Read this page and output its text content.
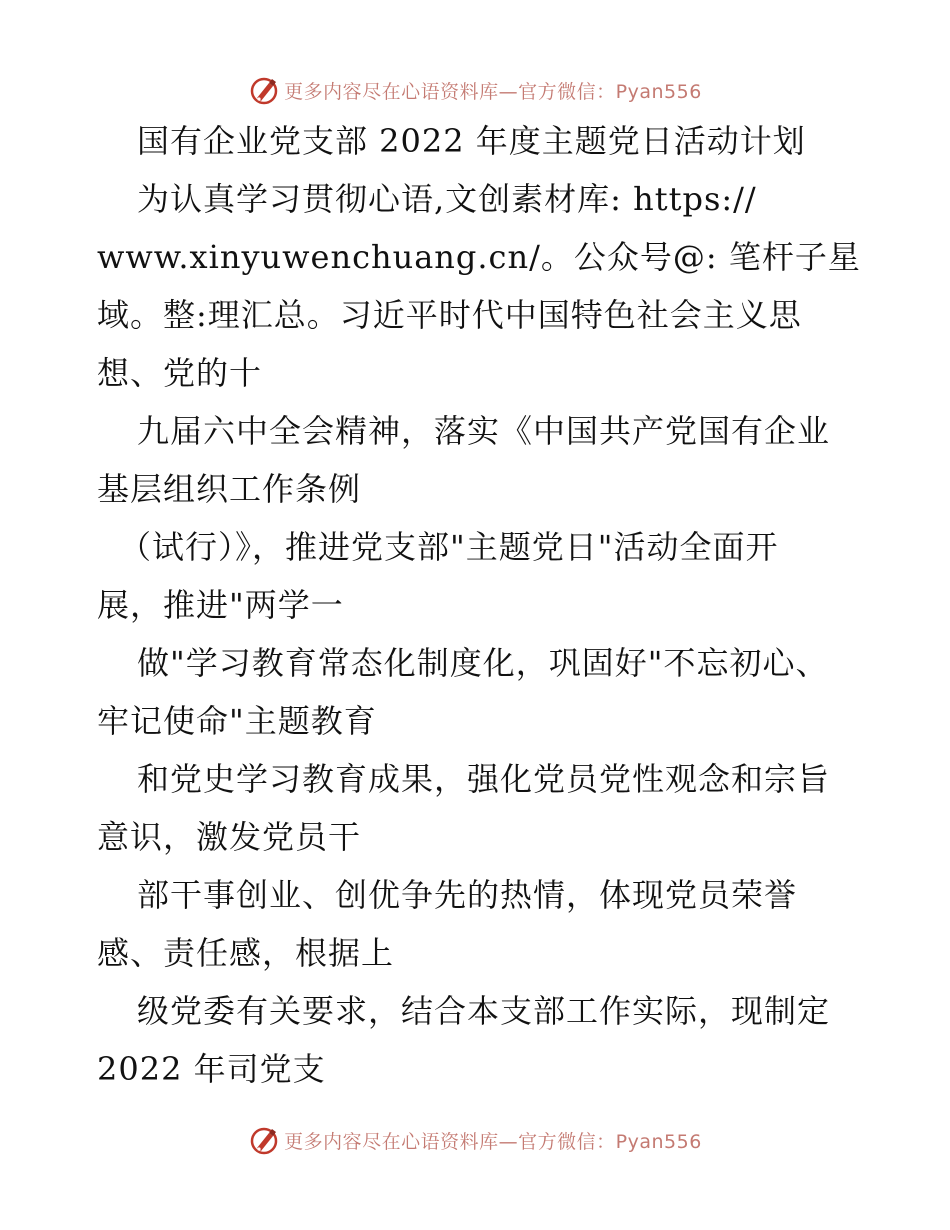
更多内容尽在心语资料库—官方微信：Pyan556
国有企业党支部 2022 年度主题党日活动计划
为认真学习贯彻心语,文创素材库: https://
www.xinyuwenchuang.cn/。公众号@: 笔杆子星
域。整:理汇总。习近平时代中国特色社会主义思
想、党的十
九届六中全会精神，落实《中国共产党国有企业
基层组织工作条例
（试行）》，推进党支部"主题党日"活动全面开
展，推进"两学一
做"学习教育常态化制度化，巩固好"不忘初心、
牢记使命"主题教育
和党史学习教育成果，强化党员党性观念和宗旨
意识，激发党员干
部干事创业、创优争先的热情，体现党员荣誉
感、责任感，根据上
级党委有关要求，结合本支部工作实际，现制定
2022 年司党支
更多内容尽在心语资料库—官方微信：Pyan556
